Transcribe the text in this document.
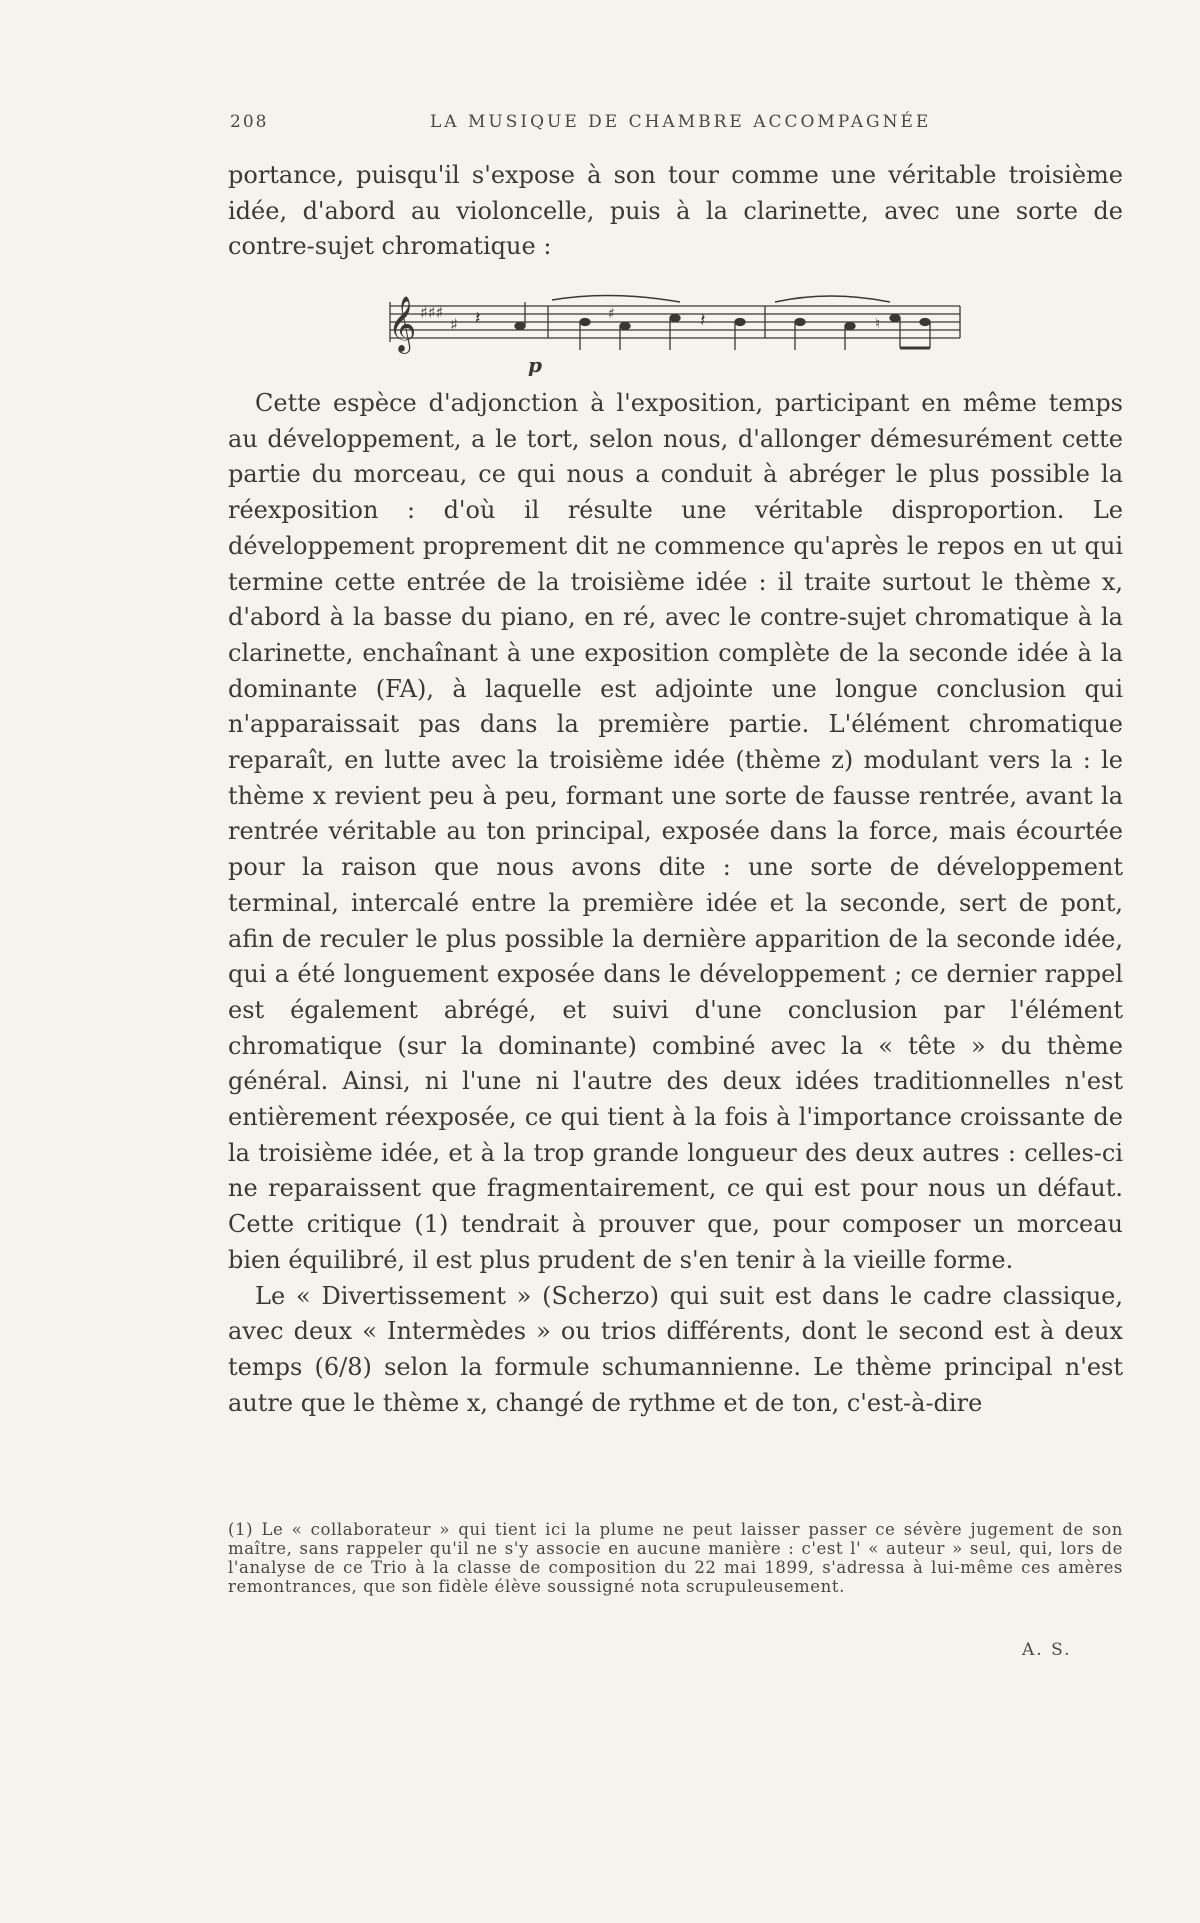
208	LA MUSIQUE DE CHAMBRE ACCOMPAGNÉE

portance, puisqu'il s'expose à son tour comme une véritable troisième idée, d'abord au violoncelle, puis à la clarinette, avec une sorte de contre-sujet chromatique :

𝄞 ♯♯♯
♯ 𝄽	𝄽
♯
♮
p

Cette espèce d'adjonction à l'exposition, participant en même temps au développement, a le tort, selon nous, d'allonger démesurément cette partie du morceau, ce qui nous a conduit à abréger le plus possible la réexposition : d'où il résulte une véritable disproportion. Le développement proprement dit ne commence qu'après le repos en ut qui termine cette entrée de la troisième idée : il traite surtout le thème x, d'abord à la basse du piano, en ré, avec le contre-sujet chromatique à la clarinette, enchaînant à une exposition complète de la seconde idée à la dominante (FA), à laquelle est adjointe une longue conclusion qui n'apparaissait pas dans la première partie. L'élément chromatique reparaît, en lutte avec la troisième idée (thème z) modulant vers la : le thème x revient peu à peu, formant une sorte de fausse rentrée, avant la rentrée véritable au ton principal, exposée dans la force, mais écourtée pour la raison que nous avons dite : une sorte de développement terminal, intercalé entre la première idée et la seconde, sert de pont, afin de reculer le plus possible la dernière apparition de la seconde idée, qui a été longuement exposée dans le développement ; ce dernier rappel est également abrégé, et suivi d'une conclusion par l'élément chromatique (sur la dominante) combiné avec la « tête » du thème général. Ainsi, ni l'une ni l'autre des deux idées traditionnelles n'est entièrement réexposée, ce qui tient à la fois à l'importance croissante de la troisième idée, et à la trop grande longueur des deux autres : celles-ci ne reparaissent que fragmentairement, ce qui est pour nous un défaut. Cette critique (1) tendrait à prouver que, pour composer un morceau bien équilibré, il est plus prudent de s'en tenir à la vieille forme.

Le « Divertissement » (Scherzo) qui suit est dans le cadre classique, avec deux « Intermèdes » ou trios différents, dont le second est à deux temps (6/8) selon la formule schumannienne. Le thème principal n'est autre que le thème x, changé de rythme et de ton, c'est-à-dire

(1) Le « collaborateur » qui tient ici la plume ne peut laisser passer ce sévère jugement de son maître, sans rappeler qu'il ne s'y associe en aucune manière : c'est l' « auteur » seul, qui, lors de l'analyse de ce Trio à la classe de composition du 22 mai 1899, s'adressa à lui-même ces amères remontrances, que son fidèle élève soussigné nota scrupuleusement.

A. S.
